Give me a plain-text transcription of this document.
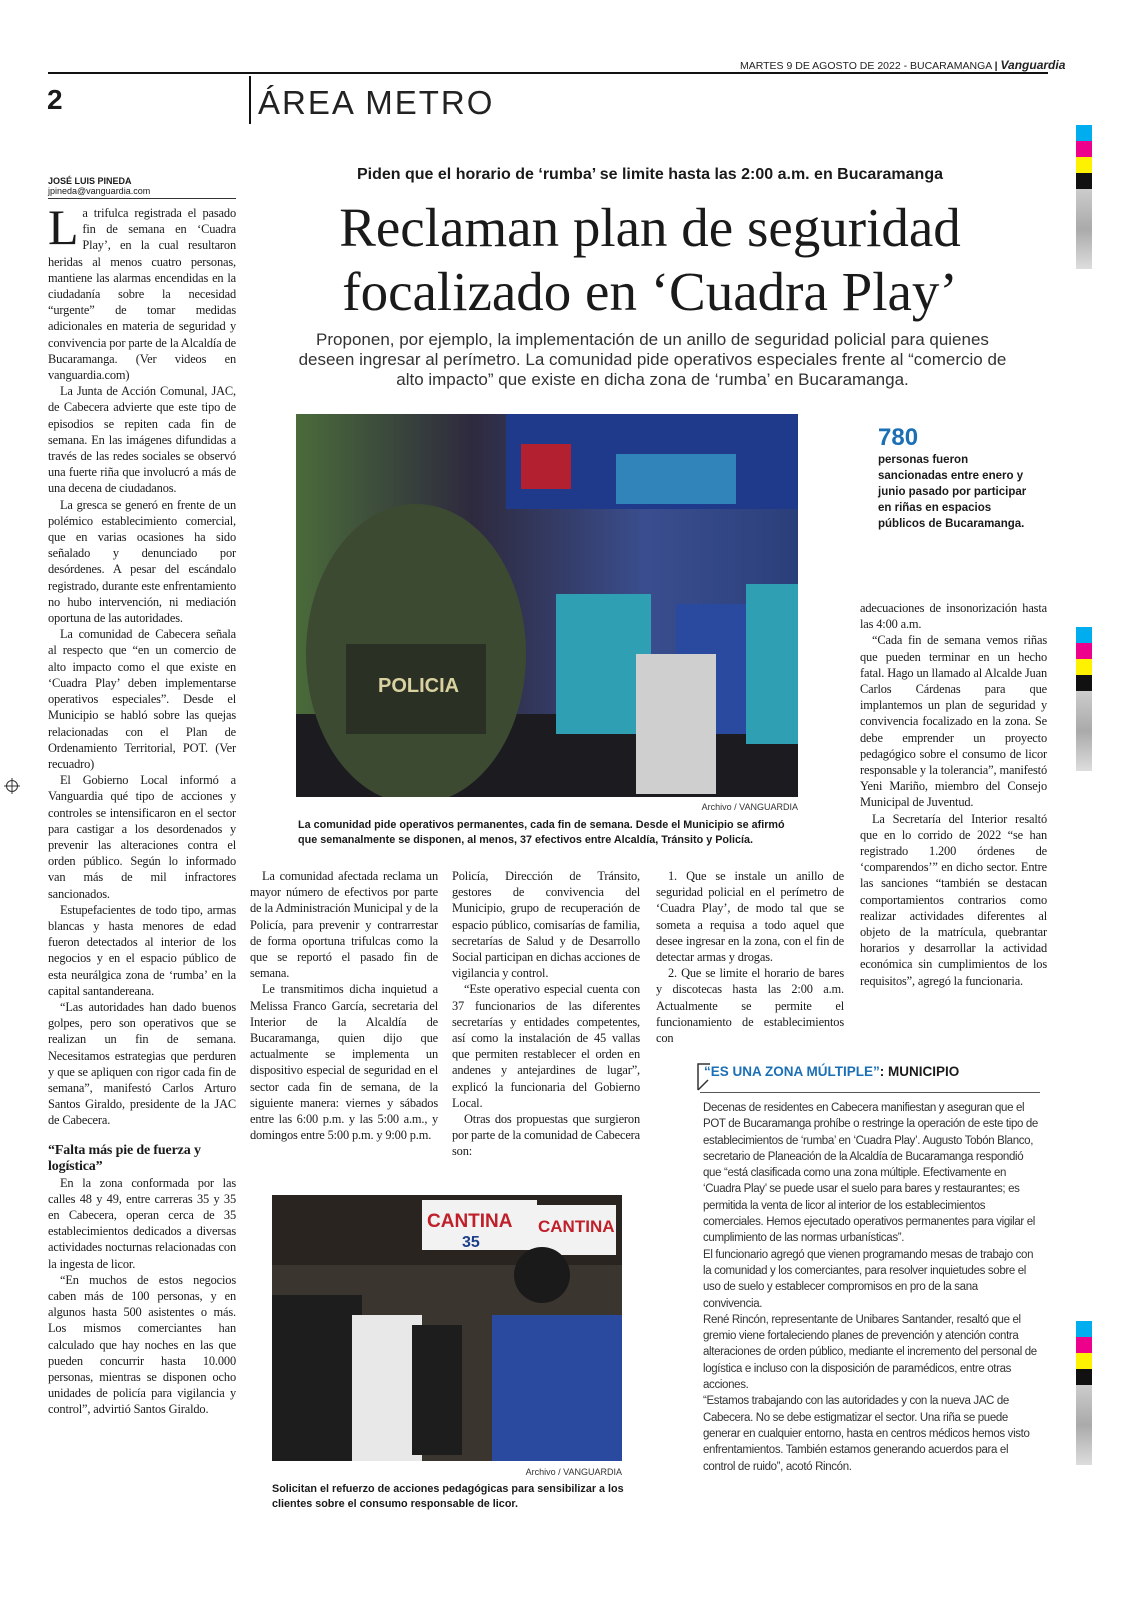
MARTES 9 DE AGOSTO DE 2022 - BUCARAMANGA | Vanguardia
2	ÁREA METRO
JOSÉ LUIS PINEDA
jpineda@vanguardia.com
Piden que el horario de ‘rumba’ se limite hasta las 2:00 a.m. en Bucaramanga
Reclaman plan de seguridad
focalizado en ‘Cuadra Play’
Proponen, por ejemplo, la implementación de un anillo de seguridad policial para quienes deseen ingresar al perímetro. La comunidad pide operativos especiales frente al “comercio de alto impacto” que existe en dicha zona de ‘rumba’ en Bucaramanga.

La trifulca registrada el pasado fin de semana en ‘Cuadra Play’, en la cual resultaron heridas al menos cuatro personas, mantiene las alarmas encendidas en la ciudadanía sobre la necesidad “urgente” de tomar medidas adicionales en materia de seguridad y convivencia por parte de la Alcaldía de Bucaramanga. (Ver videos en vanguardia.com)

La Junta de Acción Comunal, JAC, de Cabecera advierte que este tipo de episodios se repiten cada fin de semana. En las imágenes difundidas a través de las redes sociales se observó una fuerte riña que involucró a más de una decena de ciudadanos.

La gresca se generó en frente de un polémico establecimiento comercial, que en varias ocasiones ha sido señalado y denunciado por desórdenes. A pesar del escándalo registrado, durante este enfrentamiento no hubo intervención, ni mediación oportuna de las autoridades.

La comunidad de Cabecera señala al respecto que “en un comercio de alto impacto como el que existe en ‘Cuadra Play’ deben implementarse operativos especiales”. Desde el Municipio se habló sobre las quejas relacionadas con el Plan de Ordenamiento Territorial, POT. (Ver recuadro)

El Gobierno Local informó a Vanguardia qué tipo de acciones y controles se intensificaron en el sector para castigar a los desordenados y prevenir las alteraciones contra el orden público. Según lo informado van más de mil infractores sancionados.

Estupefacientes de todo tipo, armas blancas y hasta menores de edad fueron detectados al interior de los negocios y en el espacio público de esta neurálgica zona de ‘rumba’ en la capital santandereana.

“Las autoridades han dado buenos golpes, pero son operativos que se realizan un fin de semana. Necesitamos estrategias que perduren y que se apliquen con rigor cada fin de semana”, manifestó Carlos Arturo Santos Giraldo, presidente de la JAC de Cabecera.

“Falta más pie de fuerza y logística”

En la zona conformada por las calles 48 y 49, entre carreras 35 y 35 en Cabecera, operan cerca de 35 establecimientos dedicados a diversas actividades nocturnas relacionadas con la ingesta de licor.

“En muchos de estos negocios caben más de 100 personas, y en algunos hasta 500 asistentes o más. Los mismos comerciantes han calculado que hay noches en las que pueden concurrir hasta 10.000 personas, mientras se disponen ocho unidades de policía para vigilancia y control”, advirtió Santos Giraldo.

POLICIA
Archivo / VANGUARDIA
La comunidad pide operativos permanentes, cada fin de semana. Desde el Municipio se afirmó que semanalmente se disponen, al menos, 37 efectivos entre Alcaldía, Tránsito y Policía.
780
personas fueron sancionadas entre enero y junio pasado por participar en riñas en espacios públicos de Bucaramanga.

adecuaciones de insonorización hasta las 4:00 a.m.

“Cada fin de semana vemos riñas que pueden terminar en un hecho fatal. Hago un llamado al Alcalde Juan Carlos Cárdenas para que implantemos un plan de seguridad y convivencia focalizado en la zona. Se debe emprender un proyecto pedagógico sobre el consumo de licor responsable y la tolerancia”, manifestó Yeni Mariño, miembro del Consejo Municipal de Juventud.

La Secretaría del Interior resaltó que en lo corrido de 2022 “se han registrado 1.200 órdenes de ‘comparendos’” en dicho sector. Entre las sanciones “también se destacan comportamientos contrarios como realizar actividades diferentes al objeto de la matrícula, quebrantar horarios y desarrollar la actividad económica sin cumplimientos de los requisitos”, agregó la funcionaria.

La comunidad afectada reclama un mayor número de efectivos por parte de la Administración Municipal y de la Policía, para prevenir y contrarrestar de forma oportuna trifulcas como la que se reportó el pasado fin de semana.

Le transmitimos dicha inquietud a Melissa Franco García, secretaria del Interior de la Alcaldía de Bucaramanga, quien dijo que actualmente se implementa un dispositivo especial de seguridad en el sector cada fin de semana, de la siguiente manera: viernes y sábados entre las 6:00 p.m. y las 5:00 a.m., y domingos entre 5:00 p.m. y 9:00 p.m.

Policía, Dirección de Tránsito, gestores de convivencia del Municipio, grupo de recuperación de espacio público, comisarías de familia, secretarías de Salud y de Desarrollo Social participan en dichas acciones de vigilancia y control.

“Este operativo especial cuenta con 37 funcionarios de las diferentes secretarías y entidades competentes, así como la instalación de 45 vallas que permiten restablecer el orden en andenes y antejardines de lugar”, explicó la funcionaria del Gobierno Local.

Otras dos propuestas que surgieron por parte de la comunidad de Cabecera son:

1. Que se instale un anillo de seguridad policial en el perímetro de ‘Cuadra Play’, de modo tal que se someta a requisa a todo aquel que desee ingresar en la zona, con el fin de detectar armas y drogas.

2. Que se limite el horario de bares y discotecas hasta las 2:00 a.m. Actualmente se permite el funcionamiento de establecimientos con

CANTINA
35
CANTINA
Archivo / VANGUARDIA
Solicitan el refuerzo de acciones pedagógicas para sensibilizar a los clientes sobre el consumo responsable de licor.
“ES UNA ZONA MÚLTIPLE”: MUNICIPIO
Decenas de residentes en Cabecera manifiestan y aseguran que el POT de Bucaramanga prohíbe o restringe la operación de este tipo de establecimientos de ‘rumba’ en ‘Cuadra Play’. Augusto Tobón Blanco, secretario de Planeación de la Alcaldía de Bucaramanga respondió que “está clasificada como una zona múltiple. Efectivamente en ‘Cuadra Play’ se puede usar el suelo para bares y restaurantes; es permitida la venta de licor al interior de los establecimientos comerciales. Hemos ejecutado operativos permanentes para vigilar el cumplimiento de las normas urbanísticas”.
El funcionario agregó que vienen programando mesas de trabajo con la comunidad y los comerciantes, para resolver inquietudes sobre el uso de suelo y establecer compromisos en pro de la sana convivencia.
René Rincón, representante de Unibares Santander, resaltó que el gremio viene fortaleciendo planes de prevención y atención contra alteraciones de orden público, mediante el incremento del personal de logística e incluso con la disposición de paramédicos, entre otras acciones.
“Estamos trabajando con las autoridades y con la nueva JAC de Cabecera. No se debe estigmatizar el sector. Una riña se puede generar en cualquier entorno, hasta en centros médicos hemos visto enfrentamientos. También estamos generando acuerdos para el control de ruido”, acotó Rincón.
